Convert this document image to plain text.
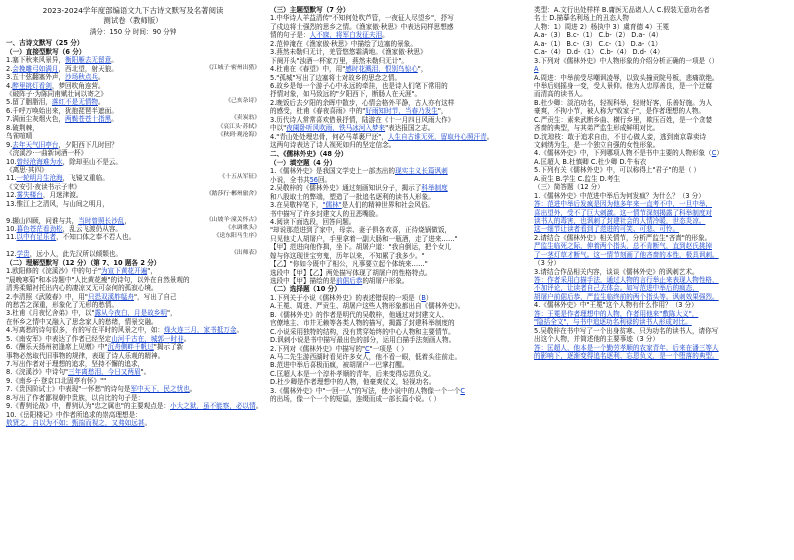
2023-2024学年度部编语文九下古诗文默写及名著阅读
测试卷（教师版）
满分：150 分 时间：90 分钟
一、古诗文默写（25 分）
（一）直接型默写（6 分）
1.塞下秋来风景异，衡阳雁去无留意。
2.会挽雕弓如满月，西北望，射天狼。	《江城子·密州出猎》
3.五十弦翻塞外声，沙场秋点兵。
4.醉里挑灯看剑，梦回吹角连营。
《破阵子·为陈同甫赋壮词以寄之》
5.留了胭脂泪，落红不是无情物。	《己亥杂诗》
6.千呼万唤始出来，犹抱琵琶半遮面。
7.满面尘灰烟火色，两鬓苍苍十指黑。	《卖炭翁》
8.破荆棘，	《哀江头·苏轼》
鸟雀喧晴	《秋到·观沧海》
9.去年天气旧亭台，夕阳西下几时回？
《浣溪沙·一曲新词酒一杯》
10.曾经沧海难为水，除却巫山不是云。
《离思·其四》
11.一轮明月生沧海，飞镜又重临。	《十五从军征》
《文安引·夜读书示子聿》
12.雾失楼台，月迷津渡。	《踏莎行·郴州旅舍》
13.惟江上之清风，与山间之明月，

9.辗山四顾，问谁与共，当时曾照长沙乱，	《山坡羊·潼关怀古》
10.暮色苍茫看劲松，乱云飞渡仍从容。	《水调歌头》
11.以中有足乐者，不知口体之奉不若人也。	《送东阳马生序》

12.学贵，远小人，此先汉所以倾颓也。	《出师表》
（二）理解型默写（12 分）（第 7、10 题各 2 分）
1.欧阳修的《浣溪沙》中的句子"为宣下黄花开遍"，
"晨晚寒菊"和本诗题中"人比黄花瘦"的诗句，以外在自然景观的
清秀柔媚衬托出内心的凄凉又无可奈何的孤寂心境。
2.李清照《武陵春》中，用"只恐双溪舴艋舟"，写出了自己
的愁苦之深重，形象化了无形的愁情。
3.杜甫《月夜忆舍弟》中，以"露从今夜白，月是故乡明"，
在怀乡之情中又融入了思念家人的愁绪，情景交融。
4.写离愁的诗句很多，有的写在平时的风景之中，如：烽火连三月，家书抵万金。
5.《南安军》中表达了作者已经坚定山河千古在，城郭一时非。
6.《酬乐天扬州初逢席上见赠》中"沉舟侧畔千帆过"揭示了新
事物必然取代旧事物的规律，表现了诗人乐观的精神。
7.写出作者对于理想的追求，坚持不懈的追求，
8.《浣溪沙》中诗句"三年离愁泪，今日又两眉"。
9.《南乡子·登京口北固亭有怀》""
7.《贵因阶试士》中表现"一怀愁"的诗句是军中天下，民之忧也。
8.写出了作者鄙视朝中贵族，以自比的句子是：
9.《曹刿论战》中，曹刿认为"忠之属也"的主要观点是：小大之狱，虽不能察，必以情。
10.《岳阳楼记》中作者所追求的崇高理想是：
敖贤之，自以为不如；甄揣而视之，又弗如远甚。
（三）主题型默写（7 分）
1.中华诗人羊益清传"不知何处吹芦管，一夜征人尽望乡"，抒写
了戍边将士强烈的思乡之情。《渔家傲·秋思》中表达同样思想感
情的句子是：人不寐，将军白发征夫泪。
2.范仲淹在《渔家傲·秋思》中描绘了边塞的景象。
3.燕然未勒归无计，羌管悠悠霜满地。《渔家傲·秋思》
下阕开头"浊酒一杯家万里，燕然未勒归无计"。
4.杜甫在《春望》中，用"感时花溅泪，恨别鸟惊心"，
5."孤城"写出了边塞将士对故乡的思念之情。
6.故乡是每一个游子心中永远的牵挂，也是诗人们笔下常用的
抒情对象，如马致远的"夕阳西下，断肠人在天涯"。
2.晚饭后去夕阳的余晖中散步，心情会格外平静，古人亦有这样
的感受，杜甫《春夜喜雨》中的"好雨知时节，当春乃发生"，
3.历代诗人常常喜欢借景抒情，陆游在《十一月四日风雨大作》
中以"夜阑卧听风吹雨，铁马冰河入梦来"表达报国之志。
4."青山处处埋忠骨，何必马革裹尸还"，人生自古谁无死，留取丹心照汗青。
这两句诗表达了诗人视死如归的坚定信念。
二、《儒林外史》（48 分）
（一）填空题（4 分）
1.《儒林外史》是我国文学史上一部杰出的现实主义长篇讽刺
小说，全书共56回。
2.吴敬梓的《儒林外史》通过刻画知识分子，揭示了科举制度
和八股取士的弊端，塑造了一批追名逐利的读书人形象。
3.在吴敬梓笔下，"儒林"是人们的精神世界和社会风俗。
书中描写了许多封建文人的丑恶嘴脸。
4.阅读下面选段，回答问题。
"却说那范进到了家中，母亲、妻子俱各欢喜，正待烧锅做饭，
只见他丈人胡屠户，手里拿着一副大肠和一瓶酒，走了进来……"
【甲】范进向他作揖，坐下。胡屠户道："我自倒运，把个女儿
嫁与你这现世宝穷鬼，历年以来，不知累了我多少。"
【乙】"你如今既中了相公，凡事要立起个体统来……"
选段中【甲】【乙】两处描写体现了胡屠户的性格特点。
选段中【甲】描绘的是前倨后恭的胡屠户形象。
（二）选择题（10 分）
1.下列关于小说《儒林外史》的表述错误的一项是（B）
A.王冕、周进、严贡生、胡屠户这些人物形象都出自《儒林外史》。
B.《儒林外史》的作者是明代的吴敬梓，他通过对封建文人、
官僚地主、市井无赖等各类人物的描写，揭露了封建科举制度的
C.小说采用独特的结构，没有贯穿始终的中心人物和主要情节。
D.讽刺小说是书中描写最出色的部分，运用白描手法刻画人物。
2.下列对《儒林外史》中描写的"C"一项是（ ）
A.马二先生游西湖时看见许多女人，他不看一眼，低着头往前走。
B.范进中举后喜极而疯，被胡屠户一巴掌打醒。
C.匡超人本是一个淳朴孝顺的青年，后来变得忘恩负义。
D.杜少卿是作者理想中的人物，他豪爽仗义，轻视功名。
3.《儒林外史》中"一回一人"的写法，使小说中的人物像一个一个C
的出场，像一个一个的短篇，连缀而成一部长篇小说。（ ）
类型：A.文行出处样样 B.庸医无品诸人人 C.假装无意功名者
名士 D.描摹名利场上的丑态人物
人物：1）周进 2）杨执中 3）虞育德 4）王冕
A.a-（3） B.c-（1） C.b-（2） D.a-（4）
A.a-（1） B.c-（3） C.c-（1） D.a-（1）
C.a-（4） D.d-（1） C.b-（4） D.d-（4）
3.下列对《儒林外史》中人物形象的介绍分析正确的一项是（）
A
A.周进：中举前受尽嘲讽凌辱，以致头撞贡院号板，悲痛欲绝。
中举后则摇身一变，受人景仰。他为人忠厚善良，是一个迂腐
而清高的读书人。
B.杜少卿：淡泊功名，轻视科举，轻财好客，乐善好施。为人
豪爽，不拘小节，被人称为"败家子"，是作者理想的人物。
C.严贡生：素来武断乡曲、横行乡里，欺压百姓，是一个贪婪
吝啬的典型，与其弟严监生形成鲜明对比。
D.沈琼枝：敢于追求自由，不甘心做人妾，逃到南京靠卖诗
文刺绣为生，是一个独立自强的女性形象。
4.《儒林外史》中，下列哪项人物不是书中主要的人物形象（C）
A.匡超人 B.杜慎卿 C.杜少卿 D.牛布衣
5.下列有关《儒林外史》中，可以称得上"君子"的是（ ）
A.贡生 B.学生 C.监生 D.考生
（三）简答题（12 分）
1.《儒林外史》中范进中举后为何发疯？为什么？（3 分）
答：范进中举后发疯是因为他多年来一直考不中，一旦中举，
喜出望外，受不了巨大刺激。这一情节深刻揭露了科举制度对
读书人的毒害，也讽刺了封建社会的人情冷暖，世态炎凉。
这一细节让读者看到了范进的可笑、可悲、可怜。
2.请结合《儒林外史》相关情节，分析严监生"吝啬"的形象。
严监生临死之际，伸着两个指头，总不肯断气，直到赵氏挑掉
了一茎灯草才断气。这一情节刻画了他吝啬的本性，极具讽刺。
（3 分）
3.请结合作品相关内容，谈谈《儒林外史》的讽刺艺术。
答：作者采用白描手法，通过人物的言行举止来表现人物性格，
不加评论，让读者自己去体会。如写范进中举后的疯态，
胡屠户前倨后恭，严监生临终前的两个指头等。讽刺效果强烈。
4.《儒林外史》中"王冕"这个人物有什么作用？（3 分）
答：王冕是作者理想中的人物，作者用他来"敷陈大义"，
"隐括全文"，与书中追逐功名利禄的读书人形成对比。
5.吴敬梓在书中写了一个出身贫寒、只为功名的读书人，请你写
出这个人物，并简述他的主要事迹（3 分）
答：匡超人，他本是一个勤劳孝顺的农家青年，后来在潘三等人
的影响下，逐渐变得追名逐利、忘恩负义，是一个堕落的典型。
